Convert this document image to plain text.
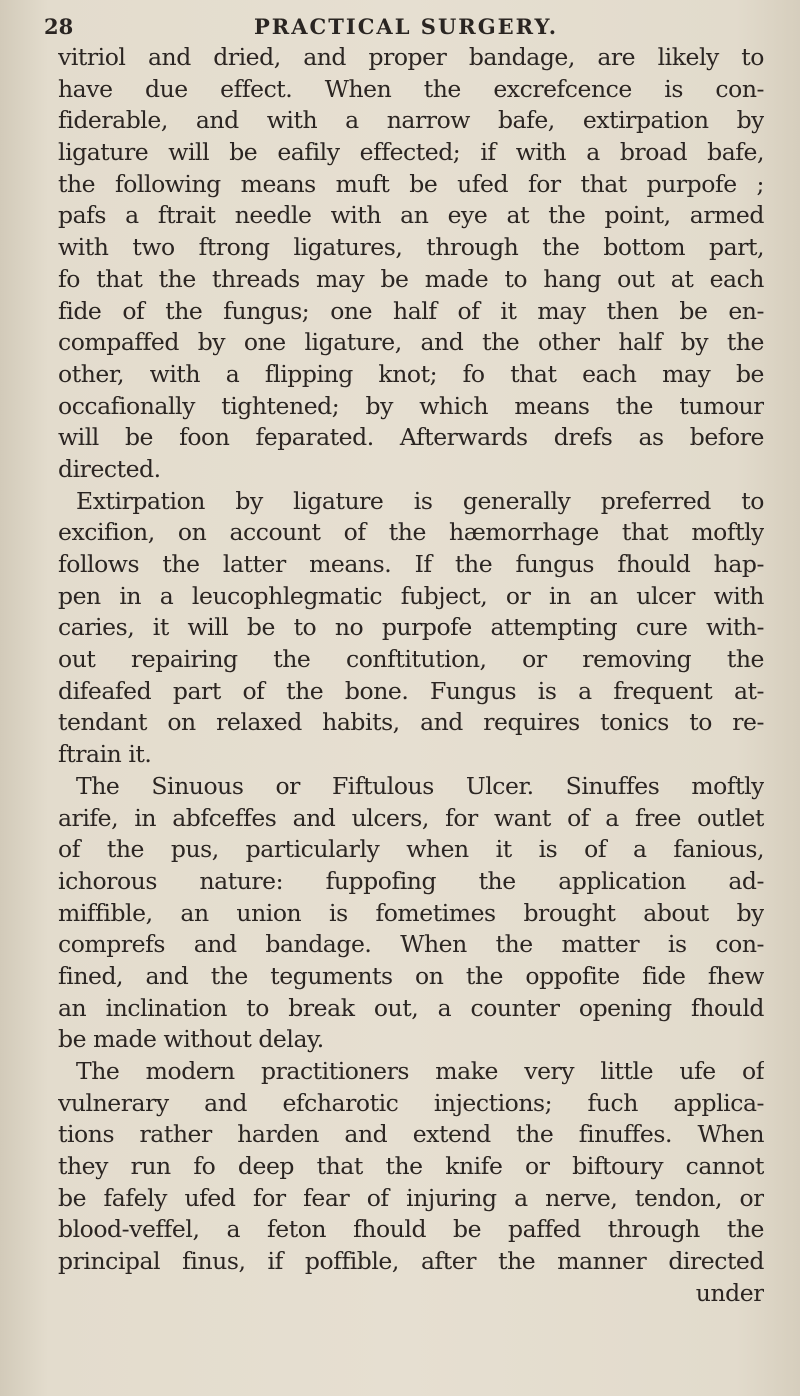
28	PRACTICAL SURGERY.
vitriol and dried, and proper bandage, are likely to
have due effect. When the excrefcence is con-
fiderable, and with a narrow bafe, extirpation by
ligature will be eafily effected; if with a broad bafe,
the following means muft be ufed for that purpofe ;
pafs a ftrait needle with an eye at the point, armed
with two ftrong ligatures, through the bottom part,
fo that the threads may be made to hang out at each
fide of the fungus; one half of it may then be en-
compaffed by one ligature, and the other half by the
other, with a flipping knot; fo that each may be
occafionally tightened; by which means the tumour
will be foon feparated. Afterwards drefs as before
directed.
Extirpation by ligature is generally preferred to
excifion, on account of the hæmorrhage that moftly
follows the latter means. If the fungus fhould hap-
pen in a leucophlegmatic fubject, or in an ulcer with
caries, it will be to no purpofe attempting cure with-
out repairing the conftitution, or removing the
difeafed part of the bone. Fungus is a frequent at-
tendant on relaxed habits, and requires tonics to re-
ftrain it.
The Sinuous or Fiftulous Ulcer. Sinuffes moftly
arife, in abfceffes and ulcers, for want of a free outlet
of the pus, particularly when it is of a fanious,
ichorous nature: fuppofing the application ad-
miffible, an union is fometimes brought about by
comprefs and bandage. When the matter is con-
fined, and the teguments on the oppofite fide fhew
an inclination to break out, a counter opening fhould
be made without delay.
The modern practitioners make very little ufe of
vulnerary and efcharotic injections; fuch applica-
tions rather harden and extend the finuffes. When
they run fo deep that the knife or biftoury cannot
be fafely ufed for fear of injuring a nerve, tendon, or
blood-veffel, a feton fhould be paffed through the
principal finus, if poffible, after the manner directed
under
